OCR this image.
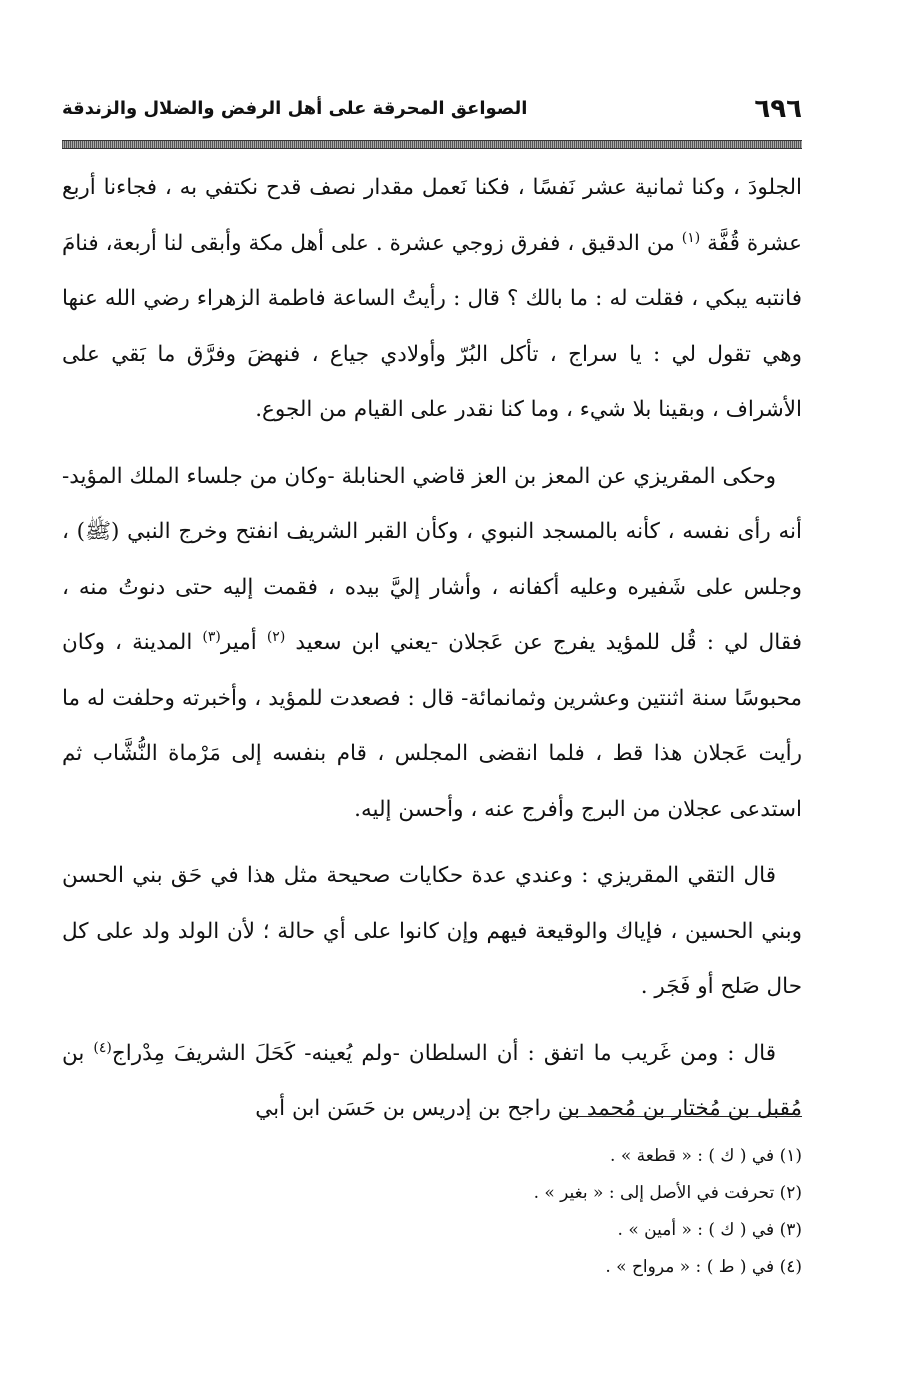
٦٩٦
الصواعق المحرقة على أهل الرفض والضلال والزندقة

الجلودَ ، وكنا ثمانية عشر نَفسًا ، فكنا نَعمل مقدار نصف قدح نكتفي به ، فجاءنا أربع عشرة قُفَّة $^{(١)}$ من الدقيق ، ففرق زوجي عشرة . على أهل مكة وأبقى لنا أربعة، فنامَ فانتبه يبكي ، فقلت له : ما بالك ؟ قال : رأيتُ الساعة فاطمة الزهراء رضي الله عنها وهي تقول لي : يا سراج ، تأكل البُرّ وأولادي جياع ، فنهضَ وفرَّق ما بَقي على الأشراف ، وبقينا بلا شيء ، وما كنا نقدر على القيام من الجوع.

وحكى المقريزي عن المعز بن العز قاضي الحنابلة -وكان من جلساء الملك المؤيد- أنه رأى نفسه ، كأنه بالمسجد النبوي ، وكأن القبر الشريف انفتح وخرج النبي (ﷺ) ، وجلس على شَفيره وعليه أكفانه ، وأشار إليَّ بيده ، فقمت إليه حتى دنوتُ منه ، فقال لي : قُل للمؤيد يفرج عن عَجلان -يعني ابن سعيد $^{(٢)}$ أمير$^{(٣)}$ المدينة ، وكان محبوسًا سنة اثنتين وعشرين وثمانمائة- قال : فصعدت للمؤيد ، وأخبرته وحلفت له ما رأيت عَجلان هذا قط ، فلما انقضى المجلس ، قام بنفسه إلى مَرْماة النُّشَّاب ثم استدعى عجلان من البرج وأفرج عنه ، وأحسن إليه.

قال التقي المقريزي : وعندي عدة حكايات صحيحة مثل هذا في حَق بني الحسن وبني الحسين ، فإياك والوقيعة فيهم وإن كانوا على أي حالة ؛ لأن الولد ولد على كل حال صَلح أو فَجَر .

قال : ومن غَريب ما اتفق : أن السلطان -ولم يُعينه- كَحَلَ الشريفَ مِدْراج$^{(٤)}$ بن مُقبل بن مُختار بن مُحمد بن راجح بن إدريس بن حَسَن ابن أبي

(١) في ( ك ) : « قطعة » .
(٢) تحرفت في الأصل إلى : « بغير » .
(٣) في ( ك ) : « أمين » .
(٤) في ( ط ) : « مرواح » .
